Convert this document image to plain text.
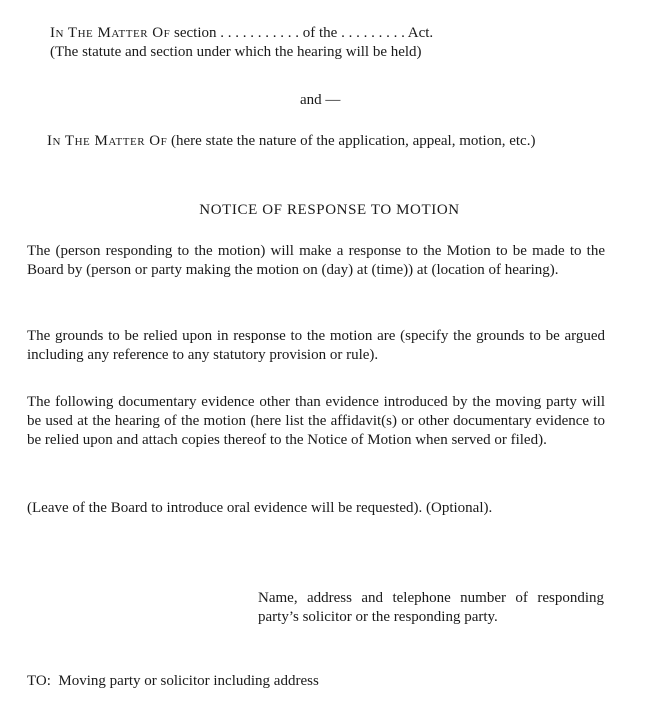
In The Matter Of section . . . . . . . . . . . of the . . . . . . . . . Act.
(The statute and section under which the hearing will be held)
and —
In The Matter Of (here state the nature of the application, appeal, motion, etc.)
NOTICE OF RESPONSE TO MOTION
The (person responding to the motion) will make a response to the Motion to be made to the Board by (person or party making the motion on (day) at (time)) at (location of hearing).
The grounds to be relied upon in response to the motion are (specify the grounds to be argued including any reference to any statutory provision or rule).
The following documentary evidence other than evidence introduced by the moving party will be used at the hearing of the motion (here list the affidavit(s) or other documentary evidence to be relied upon and attach copies thereof to the Notice of Motion when served or filed).
(Leave of the Board to introduce oral evidence will be requested). (Optional).
Name, address and telephone number of responding party’s solicitor or the responding party.
TO: Moving party or solicitor including address
